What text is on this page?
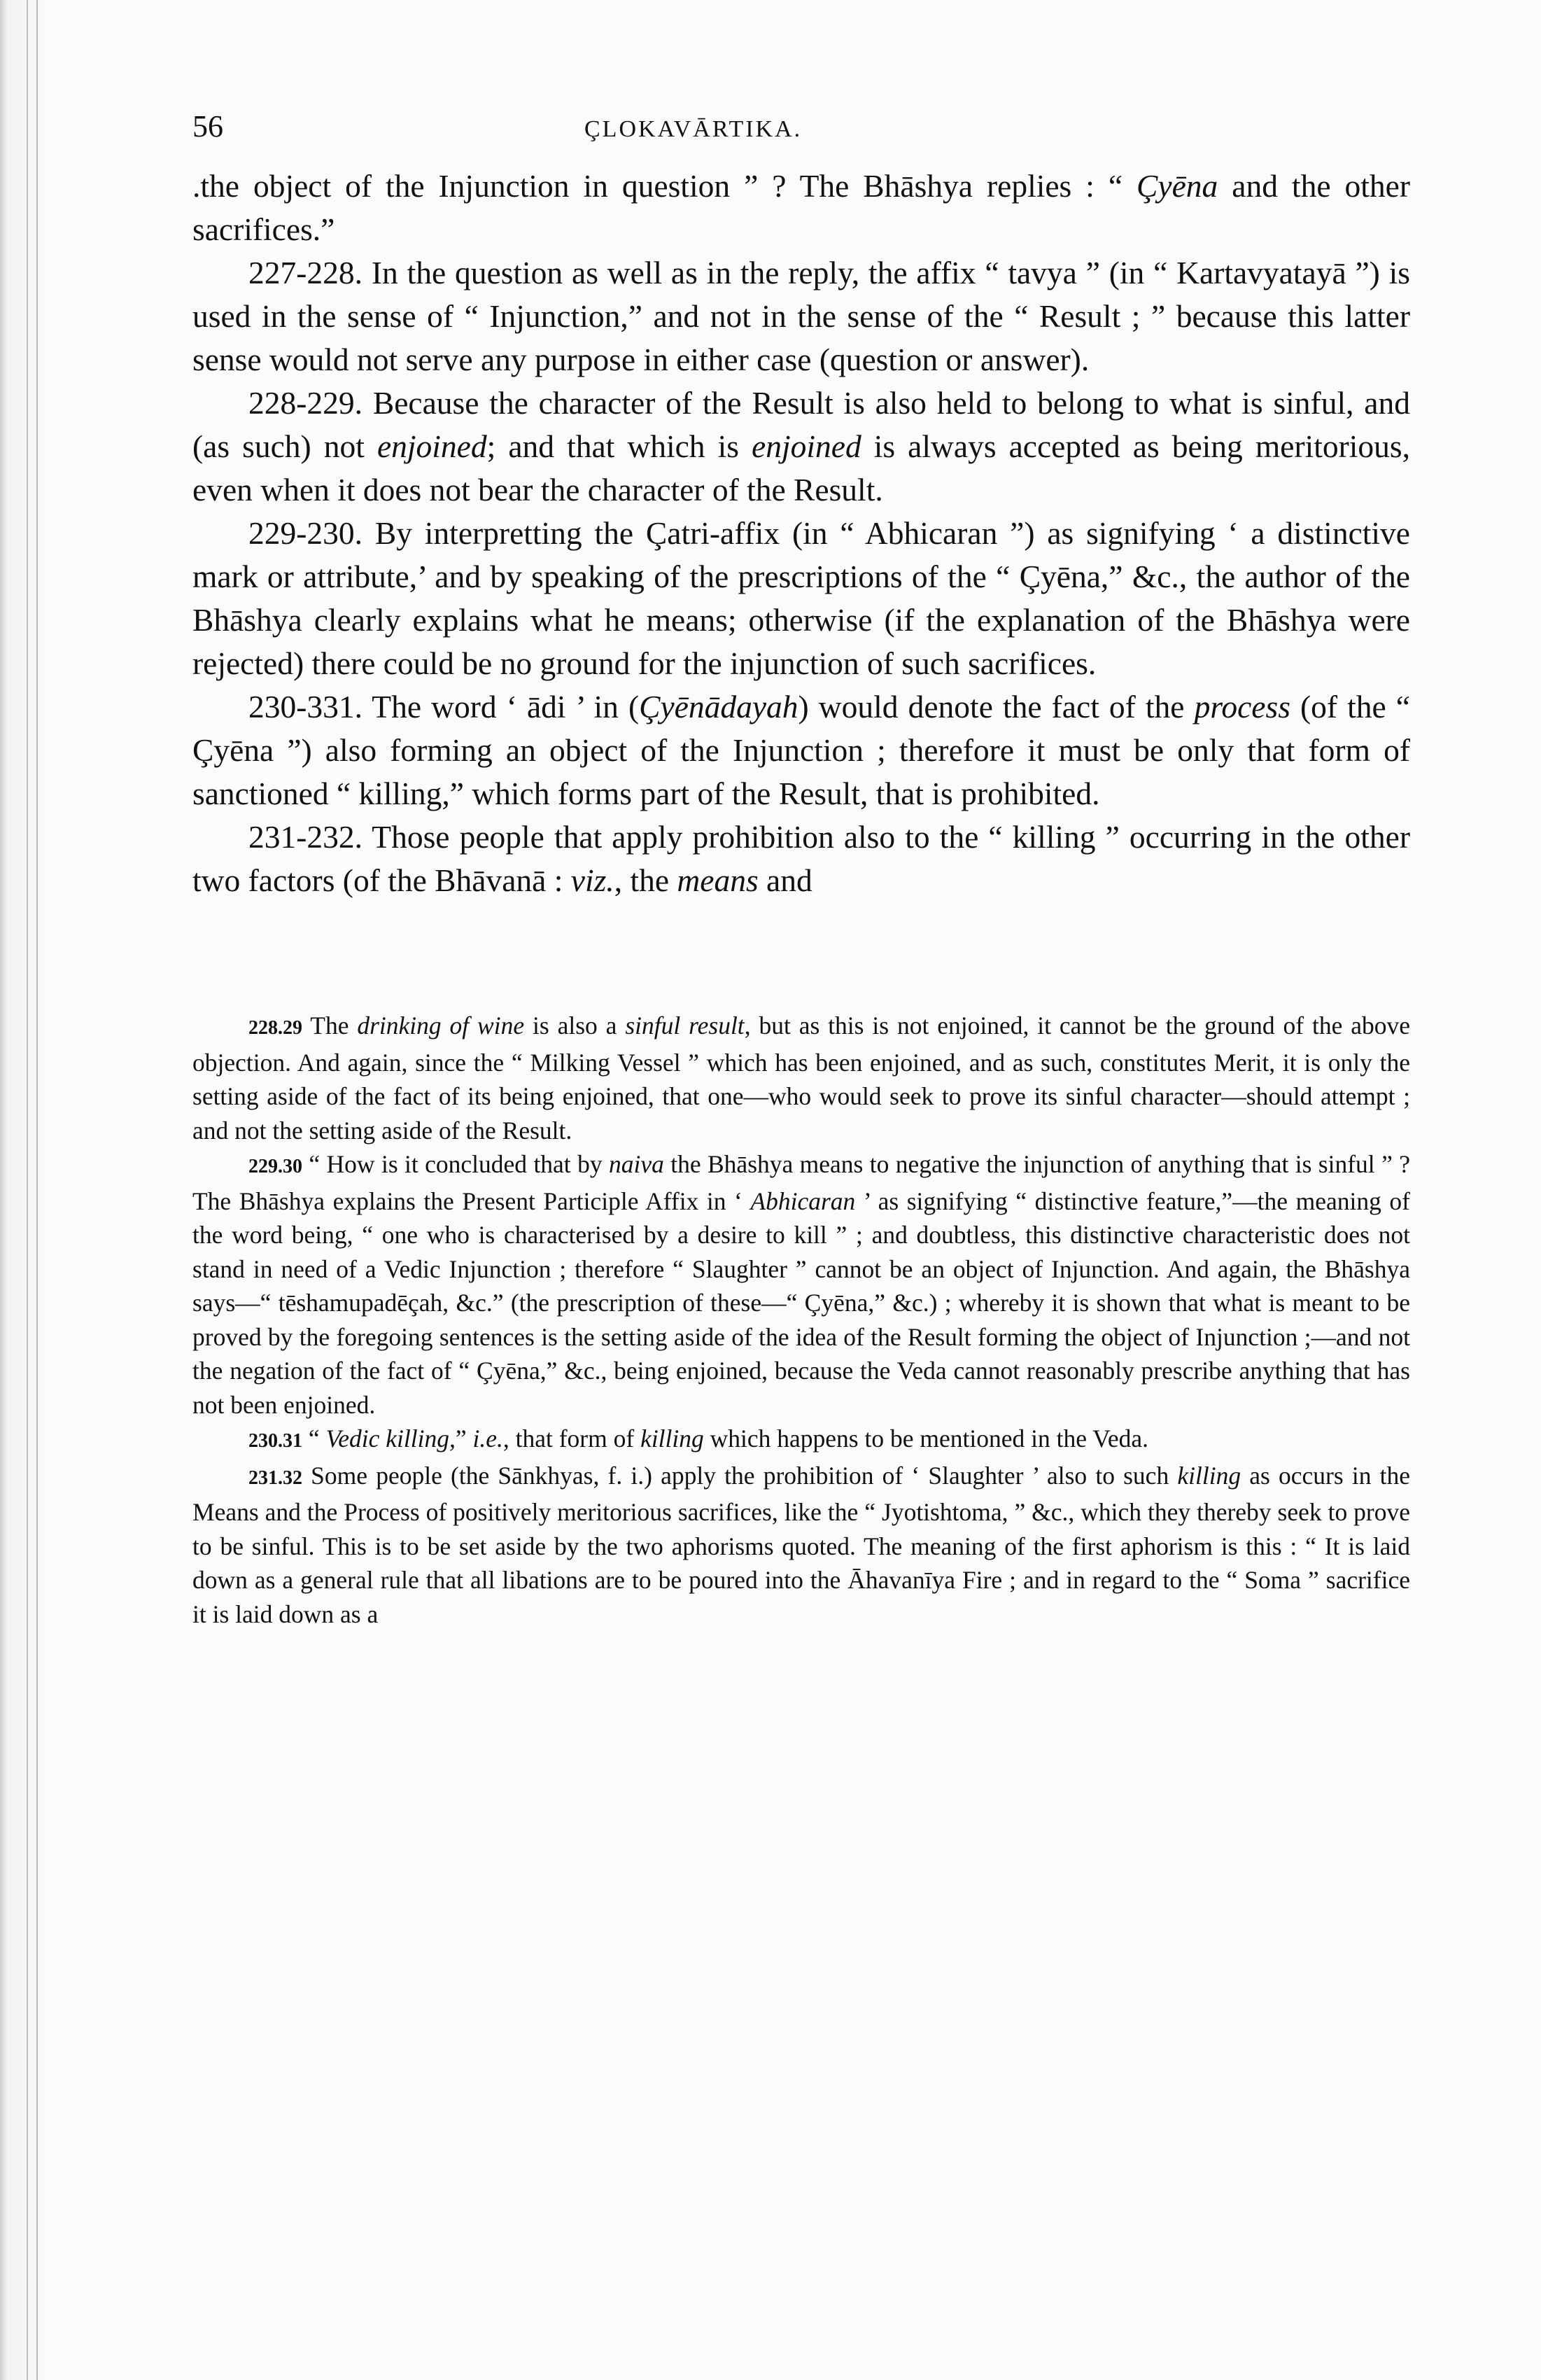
56	ÇLOKAVĀRTIKA.

.the object of the Injunction in question ” ? The Bhāshya replies : “ Çyēna and the other sacrifices.”

227-228. In the question as well as in the reply, the affix “ tavya ” (in “ Kartavyatayā ”) is used in the sense of “ Injunction,” and not in the sense of the “ Result ; ” because this latter sense would not serve any purpose in either case (question or answer).

228-229. Because the character of the Result is also held to belong to what is sinful, and (as such) not enjoined; and that which is enjoined is always accepted as being meritorious, even when it does not bear the character of the Result.

229-230. By interpretting the Çatri-affix (in “ Abhicaran ”) as signifying ‘ a distinctive mark or attribute,’ and by speaking of the prescriptions of the “ Çyēna,” &c., the author of the Bhāshya clearly explains what he means; otherwise (if the explanation of the Bhāshya were rejected) there could be no ground for the injunction of such sacrifices.

230-331. The word ‘ ādi ’ in (Çyēnādayah) would denote the fact of the process (of the “ Çyēna ”) also forming an object of the Injunction ; therefore it must be only that form of sanctioned “ killing,” which forms part of the Result, that is prohibited.

231-232. Those people that apply prohibition also to the “ killing ” occurring in the other two factors (of the Bhāvanā : viz., the means and

228.29 The drinking of wine is also a sinful result, but as this is not enjoined, it cannot be the ground of the above objection. And again, since the “ Milking Vessel ” which has been enjoined, and as such, constitutes Merit, it is only the setting aside of the fact of its being enjoined, that one—who would seek to prove its sinful character—should attempt ; and not the setting aside of the Result.

229.30 “ How is it concluded that by naiva the Bhāshya means to negative the injunction of anything that is sinful ” ? The Bhāshya explains the Present Participle Affix in ‘ Abhicaran ’ as signifying “ distinctive feature,”—the meaning of the word being, “ one who is characterised by a desire to kill ” ; and doubtless, this distinctive characteristic does not stand in need of a Vedic Injunction ; therefore “ Slaughter ” cannot be an object of Injunction. And again, the Bhāshya says—“ tēshamupadēçah, &c.” (the prescription of these—“ Çyēna,” &c.) ; whereby it is shown that what is meant to be proved by the foregoing sentences is the setting aside of the idea of the Result forming the object of Injunction ;—and not the negation of the fact of “ Çyēna,” &c., being enjoined, because the Veda cannot reasonably prescribe anything that has not been enjoined.

230.31 “ Vedic killing,” i.e., that form of killing which happens to be mentioned in the Veda.

231.32 Some people (the Sānkhyas, f. i.) apply the prohibition of ‘ Slaughter ’ also to such killing as occurs in the Means and the Process of positively meritorious sacrifices, like the “ Jyotishtoma, ” &c., which they thereby seek to prove to be sinful. This is to be set aside by the two aphorisms quoted. The meaning of the first aphorism is this : “ It is laid down as a general rule that all libations are to be poured into the Āhavanīya Fire ; and in regard to the “ Soma ” sacrifice it is laid down as a
